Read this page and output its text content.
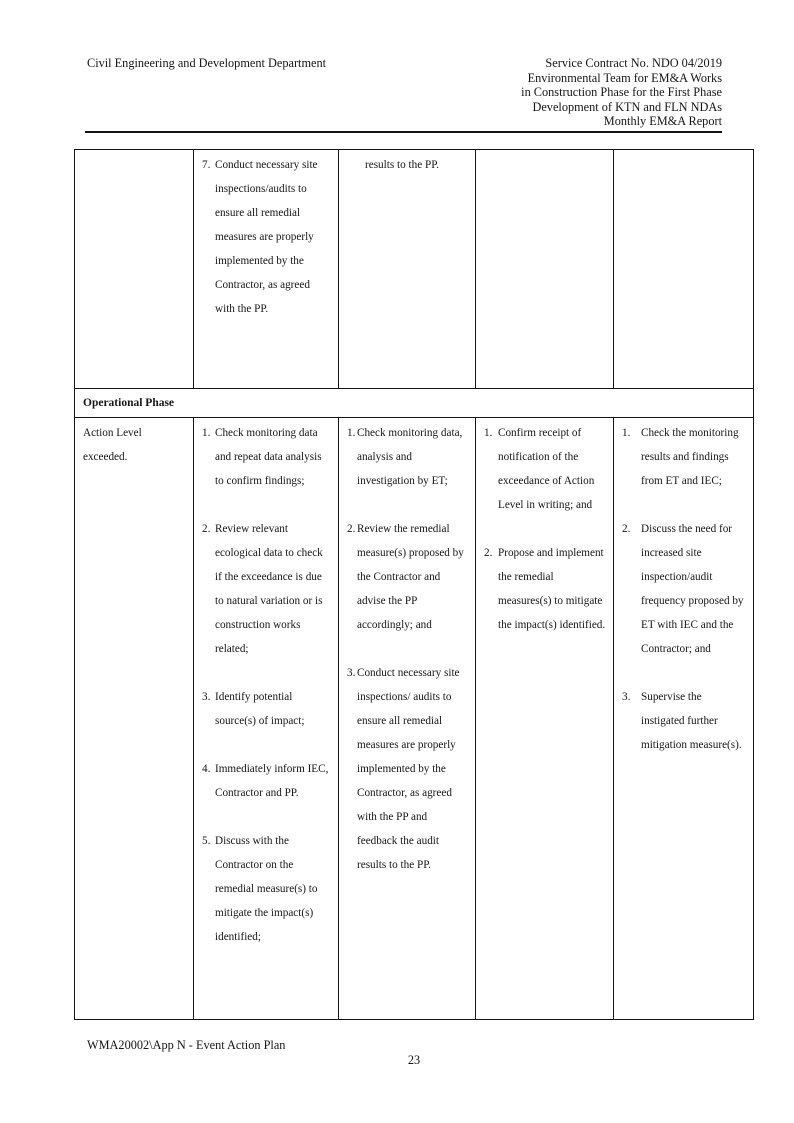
Civil Engineering and Development Department	Service Contract No. NDO 04/2019
Environmental Team for EM&A Works
in Construction Phase for the First Phase
Development of KTN and FLN NDAs
Monthly EM&A Report
7. Conduct necessary site inspections/audits to ensure all remedial measures are properly implemented by the Contractor, as agreed with the PP.
results to the PP.
Operational Phase
Action Level exceeded.
1. Check monitoring data and repeat data analysis to confirm findings;
2. Review relevant ecological data to check if the exceedance is due to natural variation or is construction works related;
3. Identify potential source(s) of impact;
4. Immediately inform IEC, Contractor and PP.
5. Discuss with the Contractor on the remedial measure(s) to mitigate the impact(s) identified;
1. Check monitoring data, analysis and investigation by ET;
2. Review the remedial measure(s) proposed by the Contractor and advise the PP accordingly; and
3. Conduct necessary site inspections/ audits to ensure all remedial measures are properly implemented by the Contractor, as agreed with the PP and feedback the audit results to the PP.
1. Confirm receipt of notification of the exceedance of Action Level in writing; and
2. Propose and implement the remedial measures(s) to mitigate the impact(s) identified.
1. Check the monitoring results and findings from ET and IEC;
2. Discuss the need for increased site inspection/audit frequency proposed by ET with IEC and the Contractor; and
3. Supervise the instigated further mitigation measure(s).
WMA20002\App N - Event Action Plan
23
